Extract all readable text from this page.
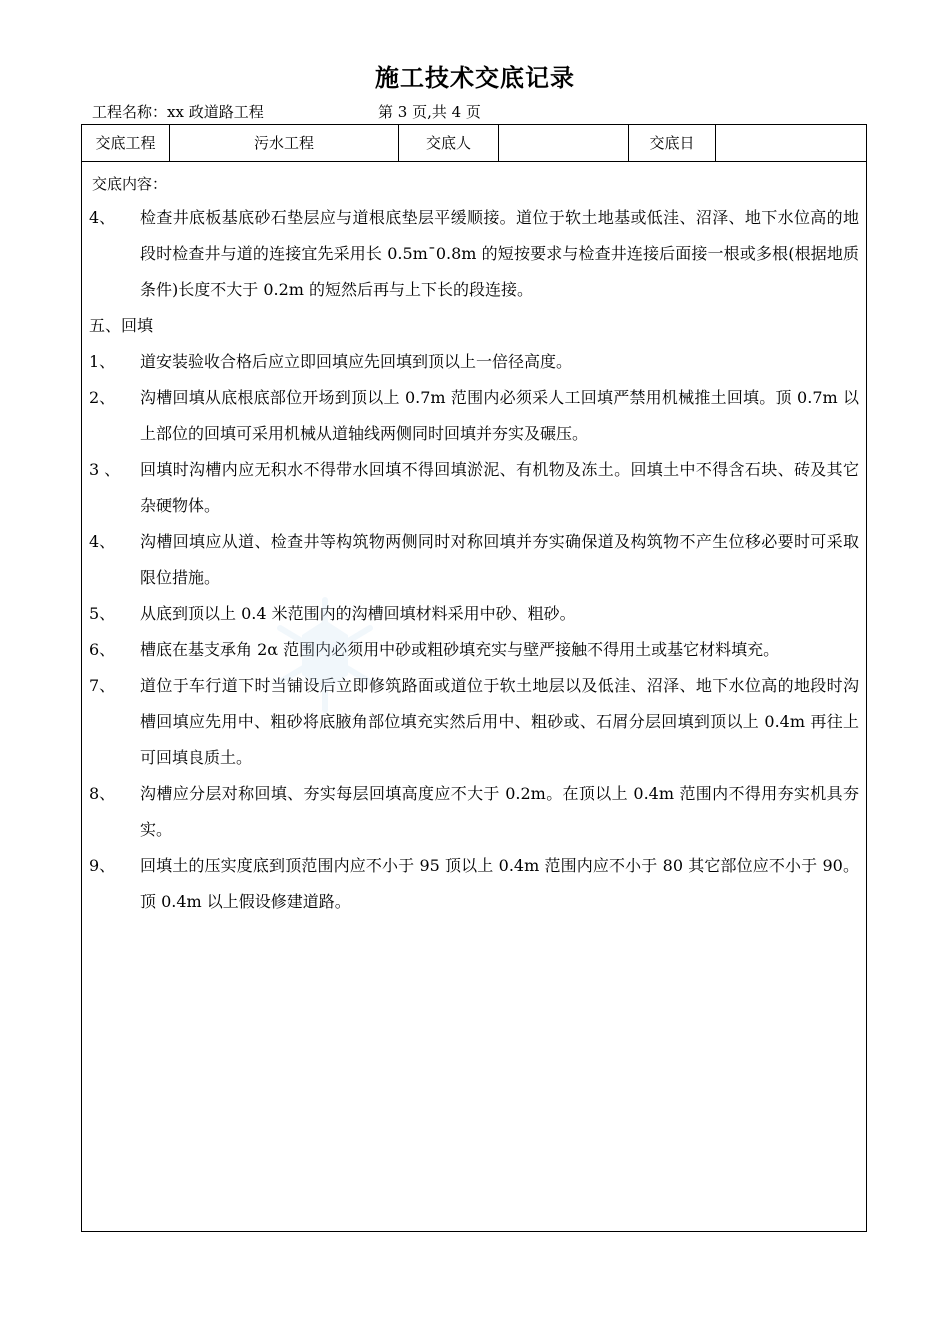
施工技术交底记录
工程名称：xx 政道路工程	第 3 页,共 4 页
交底工程	污水工程	交底人	交底日
交底内容：
4、 检查井底板基底砂石垫层应与道根底垫层平缓顺接。道位于软土地基或低洼、沼泽、地下水位高的地段时检查井与道的连接宜先采用长 0.5m¯0.8m 的短按要求与检查井连接后面接一根或多根(根据地质条件)长度不大于 0.2m 的短然后再与上下长的段连接。
五、回填
1、 道安装验收合格后应立即回填应先回填到顶以上一倍径高度。
2、 沟槽回填从底根底部位开场到顶以上 0.7m 范围内必须采人工回填严禁用机械推土回填。顶 0.7m 以上部位的回填可采用机械从道轴线两侧同时回填并夯实及碾压。
3 、 回填时沟槽内应无积水不得带水回填不得回填淤泥、有机物及冻土。回填土中不得含石块、砖及其它杂硬物体。
4、 沟槽回填应从道、检查井等构筑物两侧同时对称回填并夯实确保道及构筑物不产生位移必要时可采取限位措施。
5、 从底到顶以上 0.4 米范围内的沟槽回填材料采用中砂、粗砂。
6、 槽底在基支承角 2α 范围内必须用中砂或粗砂填充实与壁严接触不得用土或基它材料填充。
7、 道位于车行道下时当铺设后立即修筑路面或道位于软土地层以及低洼、沼泽、地下水位高的地段时沟槽回填应先用中、粗砂将底腋角部位填充实然后用中、粗砂或、石屑分层回填到顶以上 0.4m 再往上可回填良质土。
8、 沟槽应分层对称回填、夯实每层回填高度应不大于 0.2m。在顶以上 0.4m 范围内不得用夯实机具夯实。
9、 回填土的压实度底到顶范围内应不小于 95 顶以上 0.4m 范围内应不小于 80 其它部位应不小于 90。顶 0.4m 以上假设修建道路。
